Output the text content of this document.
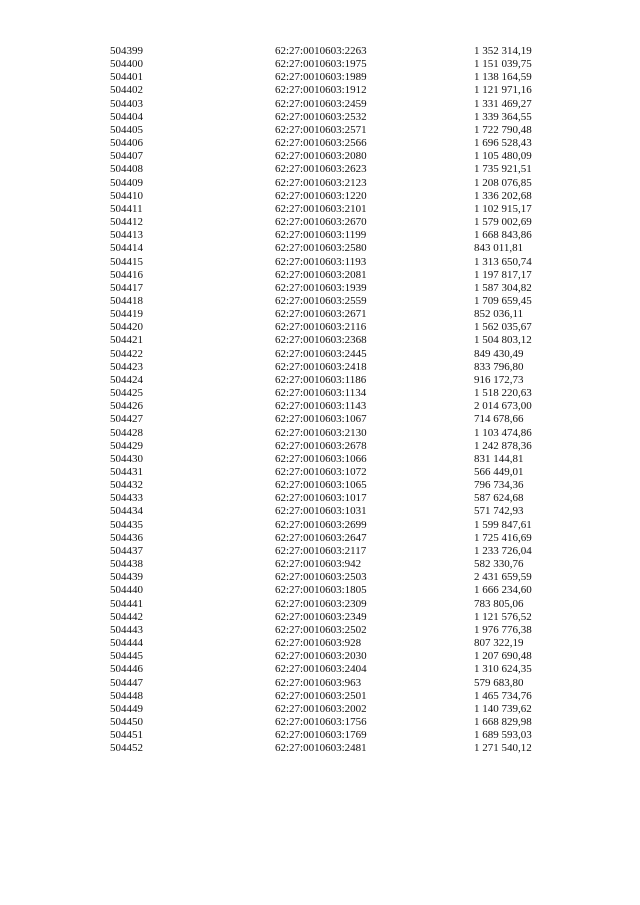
504399	62:27:0010603:2263	1 352 314,19
504400	62:27:0010603:1975	1 151 039,75
504401	62:27:0010603:1989	1 138 164,59
504402	62:27:0010603:1912	1 121 971,16
504403	62:27:0010603:2459	1 331 469,27
504404	62:27:0010603:2532	1 339 364,55
504405	62:27:0010603:2571	1 722 790,48
504406	62:27:0010603:2566	1 696 528,43
504407	62:27:0010603:2080	1 105 480,09
504408	62:27:0010603:2623	1 735 921,51
504409	62:27:0010603:2123	1 208 076,85
504410	62:27:0010603:1220	1 336 202,68
504411	62:27:0010603:2101	1 102 915,17
504412	62:27:0010603:2670	1 579 002,69
504413	62:27:0010603:1199	1 668 843,86
504414	62:27:0010603:2580	843 011,81
504415	62:27:0010603:1193	1 313 650,74
504416	62:27:0010603:2081	1 197 817,17
504417	62:27:0010603:1939	1 587 304,82
504418	62:27:0010603:2559	1 709 659,45
504419	62:27:0010603:2671	852 036,11
504420	62:27:0010603:2116	1 562 035,67
504421	62:27:0010603:2368	1 504 803,12
504422	62:27:0010603:2445	849 430,49
504423	62:27:0010603:2418	833 796,80
504424	62:27:0010603:1186	916 172,73
504425	62:27:0010603:1134	1 518 220,63
504426	62:27:0010603:1143	2 014 673,00
504427	62:27:0010603:1067	714 678,66
504428	62:27:0010603:2130	1 103 474,86
504429	62:27:0010603:2678	1 242 878,36
504430	62:27:0010603:1066	831 144,81
504431	62:27:0010603:1072	566 449,01
504432	62:27:0010603:1065	796 734,36
504433	62:27:0010603:1017	587 624,68
504434	62:27:0010603:1031	571 742,93
504435	62:27:0010603:2699	1 599 847,61
504436	62:27:0010603:2647	1 725 416,69
504437	62:27:0010603:2117	1 233 726,04
504438	62:27:0010603:942	582 330,76
504439	62:27:0010603:2503	2 431 659,59
504440	62:27:0010603:1805	1 666 234,60
504441	62:27:0010603:2309	783 805,06
504442	62:27:0010603:2349	1 121 576,52
504443	62:27:0010603:2502	1 976 776,38
504444	62:27:0010603:928	807 322,19
504445	62:27:0010603:2030	1 207 690,48
504446	62:27:0010603:2404	1 310 624,35
504447	62:27:0010603:963	579 683,80
504448	62:27:0010603:2501	1 465 734,76
504449	62:27:0010603:2002	1 140 739,62
504450	62:27:0010603:1756	1 668 829,98
504451	62:27:0010603:1769	1 689 593,03
504452	62:27:0010603:2481	1 271 540,12
